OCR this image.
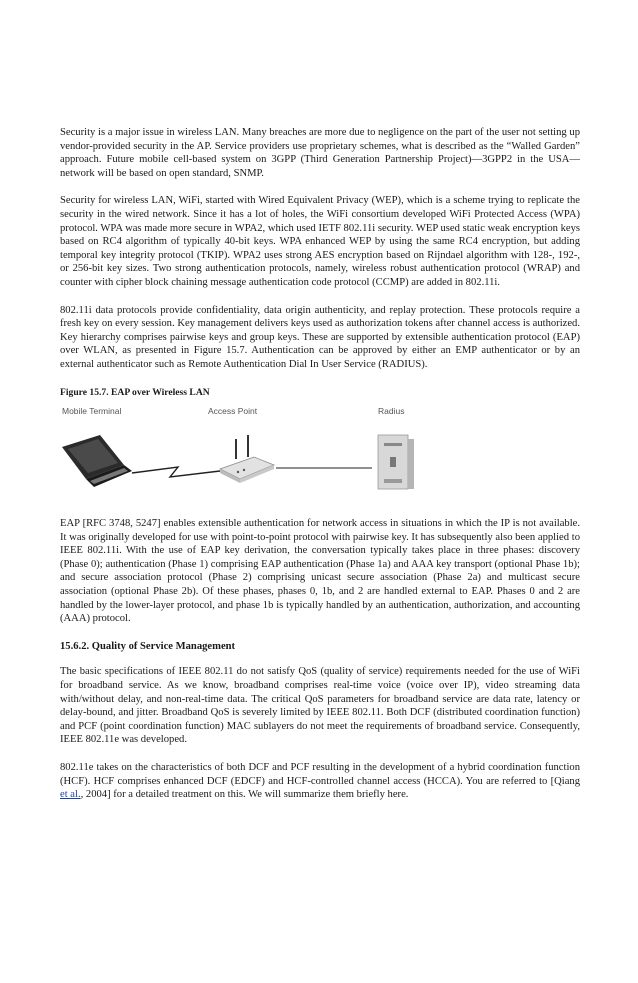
Security is a major issue in wireless LAN. Many breaches are more due to negligence on the part of the user not setting up vendor-provided security in the AP. Service providers use proprietary schemes, what is described as the “Walled Garden” approach. Future mobile cell-based system on 3GPP (Third Generation Partnership Project)—3GPP2 in the USA—network will be based on open standard, SNMP.

Security for wireless LAN, WiFi, started with Wired Equivalent Privacy (WEP), which is a scheme trying to replicate the security in the wired network. Since it has a lot of holes, the WiFi consortium developed WiFi Protected Access (WPA) protocol. WPA was made more secure in WPA2, which used IETF 802.11i security. WEP used static weak encryption keys based on RC4 algorithm of typically 40-bit keys. WPA enhanced WEP by using the same RC4 encryption, but adding temporal key integrity protocol (TKIP). WPA2 uses strong AES encryption based on Rijndael algorithm with 128-, 192-, or 256-bit key sizes. Two strong authentication protocols, namely, wireless robust authentication protocol (WRAP) and counter with cipher block chaining message authentication code protocol (CCMP) are added in 802.11i.

802.11i data protocols provide confidentiality, data origin authenticity, and replay protection. These protocols require a fresh key on every session. Key management delivers keys used as authorization tokens after channel access is authorized. Key hierarchy comprises pairwise keys and group keys. These are supported by extensible authentication protocol (EAP) over WLAN, as presented in Figure 15.7. Authentication can be approved by either an EMP authenticator or by an external authenticator such as Remote Authentication Dial In User Service (RADIUS).

Figure 15.7. EAP over Wireless LAN
Mobile Terminal	Access Point	Radius

EAP [RFC 3748, 5247] enables extensible authentication for network access in situations in which the IP is not available. It was originally developed for use with point-to-point protocol with pairwise key. It has subsequently also been applied to IEEE 802.11i. With the use of EAP key derivation, the conversation typically takes place in three phases: discovery (Phase 0); authentication (Phase 1) comprising EAP authentication (Phase 1a) and AAA key transport (optional Phase 1b); and secure association protocol (Phase 2) comprising unicast secure association (Phase 2a) and multicast secure association (optional Phase 2b). Of these phases, phases 0, 1b, and 2 are handled external to EAP. Phases 0 and 2 are handled by the lower-layer protocol, and phase 1b is typically handled by an authentication, authorization, and accounting (AAA) protocol.

15.6.2. Quality of Service Management

The basic specifications of IEEE 802.11 do not satisfy QoS (quality of service) requirements needed for the use of WiFi for broadband service. As we know, broadband comprises real-time voice (voice over IP), video streaming data with/without delay, and non-real-time data. The critical QoS parameters for broadband service are data rate, latency or delay-bound, and jitter. Broadband QoS is severely limited by IEEE 802.11. Both DCF (distributed coordination function) and PCF (point coordination function) MAC sublayers do not meet the requirements of broadband service. Consequently, IEEE 802.11e was developed.

802.11e takes on the characteristics of both DCF and PCF resulting in the development of a hybrid coordination function (HCF). HCF comprises enhanced DCF (EDCF) and HCF-controlled channel access (HCCA). You are referred to [Qiang et al., 2004] for a detailed treatment on this. We will summarize them briefly here.
